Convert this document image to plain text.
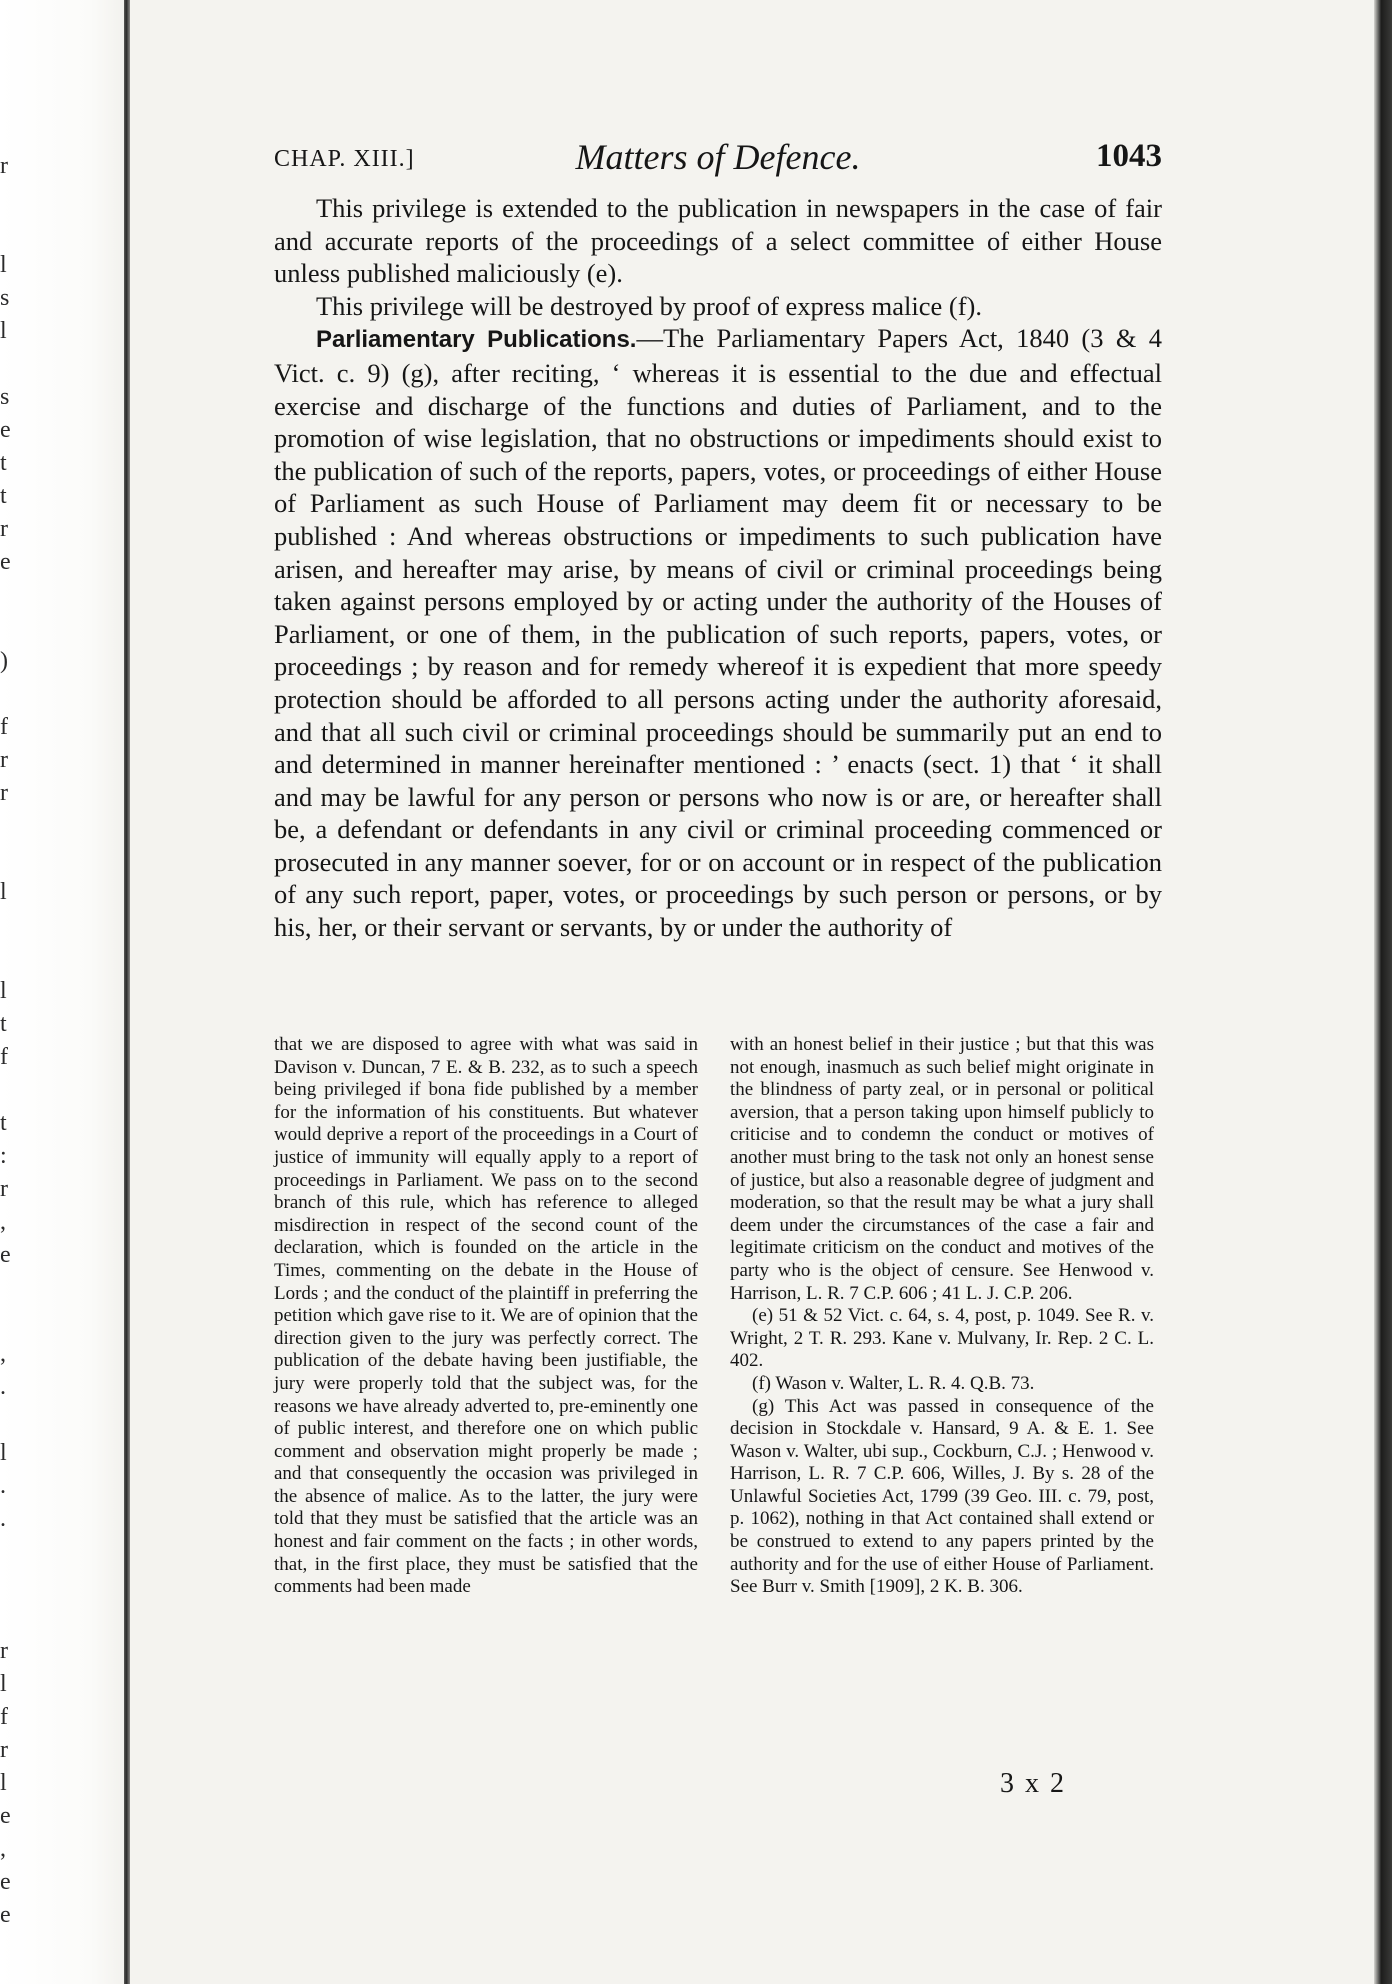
r
l
s
l
s
e
t
t
r
e
)
f
r
r
l
l
t
f
t
:
r
,
e
,
.
l
.
.
r
l
f
r
l
e
,
e
e
CHAP. XIII.]	Matters of Defence.	1043

This privilege is extended to the publication in newspapers in the case of fair and accurate reports of the proceedings of a select committee of either House unless published maliciously (e).

This privilege will be destroyed by proof of express malice (f).

Parliamentary Publications.—The Parliamentary Papers Act, 1840 (3 & 4 Vict. c. 9) (g), after reciting, ‘ whereas it is essential to the due and effectual exercise and discharge of the functions and duties of Parliament, and to the promotion of wise legislation, that no obstructions or impediments should exist to the publication of such of the reports, papers, votes, or proceedings of either House of Parliament as such House of Parliament may deem fit or necessary to be published : And whereas obstructions or impediments to such publication have arisen, and hereafter may arise, by means of civil or criminal proceedings being taken against persons employed by or acting under the authority of the Houses of Parliament, or one of them, in the publication of such reports, papers, votes, or proceedings ; by reason and for remedy whereof it is expedient that more speedy protection should be afforded to all persons acting under the authority aforesaid, and that all such civil or criminal proceedings should be summarily put an end to and determined in manner hereinafter mentioned : ’ enacts (sect. 1) that ‘ it shall and may be lawful for any person or persons who now is or are, or hereafter shall be, a defendant or defendants in any civil or criminal proceeding commenced or prosecuted in any manner soever, for or on account or in respect of the publication of any such report, paper, votes, or proceedings by such person or persons, or by his, her, or their servant or servants, by or under the authority of

that we are disposed to agree with what was said in Davison v. Duncan, 7 E. & B. 232, as to such a speech being privileged if bona fide published by a member for the information of his constituents. But whatever would deprive a report of the proceedings in a Court of justice of immunity will equally apply to a report of proceedings in Parliament. We pass on to the second branch of this rule, which has reference to alleged misdirection in respect of the second count of the declaration, which is founded on the article in the Times, commenting on the debate in the House of Lords ; and the conduct of the plaintiff in preferring the petition which gave rise to it. We are of opinion that the direction given to the jury was perfectly correct. The publication of the debate having been justifiable, the jury were properly told that the subject was, for the reasons we have already adverted to, pre-eminently one of public interest, and therefore one on which public comment and observation might properly be made ; and that consequently the occasion was privileged in the absence of malice. As to the latter, the jury were told that they must be satisfied that the article was an honest and fair comment on the facts ; in other words, that, in the first place, they must be satisfied that the comments had been made

with an honest belief in their justice ; but that this was not enough, inasmuch as such belief might originate in the blindness of party zeal, or in personal or political aversion, that a person taking upon himself publicly to criticise and to condemn the conduct or motives of another must bring to the task not only an honest sense of justice, but also a reasonable degree of judgment and moderation, so that the result may be what a jury shall deem under the circumstances of the case a fair and legitimate criticism on the conduct and motives of the party who is the object of censure. See Henwood v. Harrison, L. R. 7 C.P. 606 ; 41 L. J. C.P. 206.

(e) 51 & 52 Vict. c. 64, s. 4, post, p. 1049. See R. v. Wright, 2 T. R. 293. Kane v. Mulvany, Ir. Rep. 2 C. L. 402.

(f) Wason v. Walter, L. R. 4. Q.B. 73.

(g) This Act was passed in consequence of the decision in Stockdale v. Hansard, 9 A. & E. 1. See Wason v. Walter, ubi sup., Cockburn, C.J. ; Henwood v. Harrison, L. R. 7 C.P. 606, Willes, J. By s. 28 of the Unlawful Societies Act, 1799 (39 Geo. III. c. 79, post, p. 1062), nothing in that Act contained shall extend or be construed to extend to any papers printed by the authority and for the use of either House of Parliament. See Burr v. Smith [1909], 2 K. B. 306.

3 x 2
